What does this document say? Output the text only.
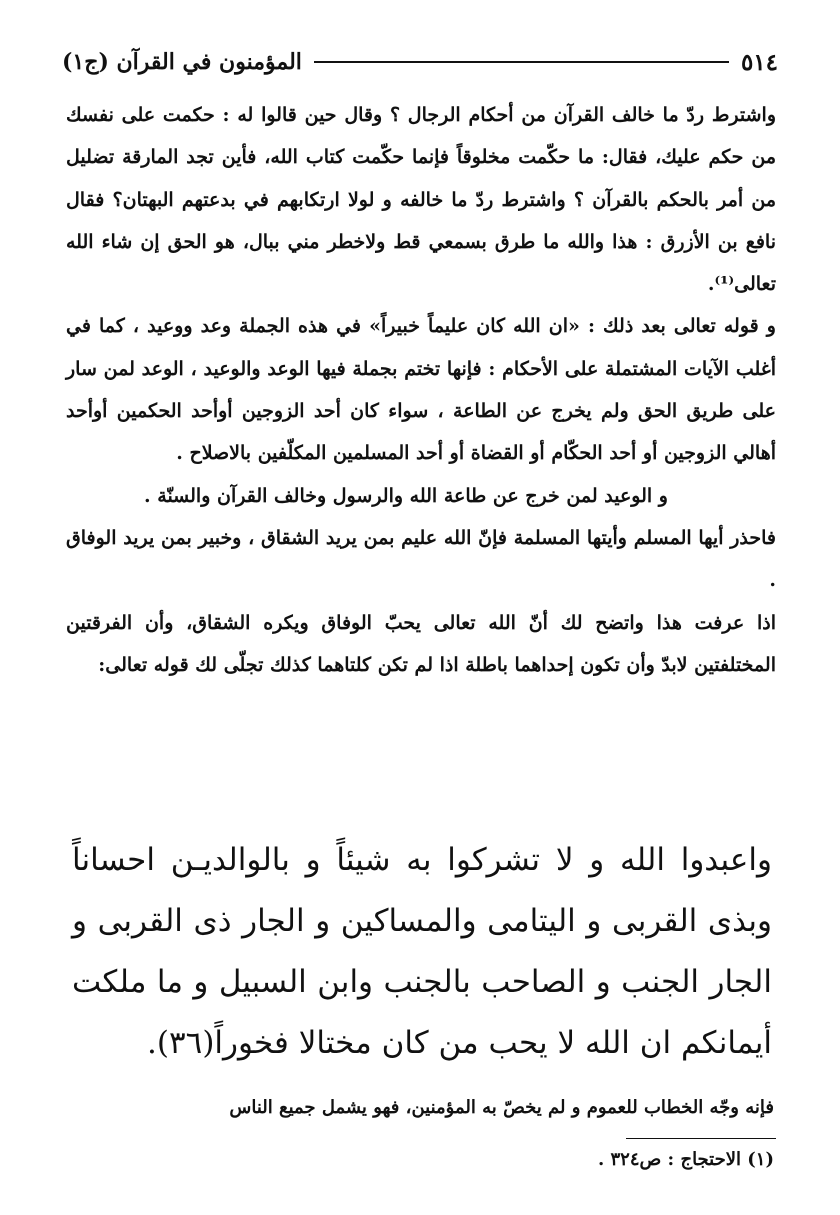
٥١٤
المؤمنون في القرآن (ج١)

واشترط ردّ ما خالف القرآن من أحكام الرجال ؟ وقال حين قالوا له : حكمت على نفسك من حكم عليك، فقال: ما حكّمت مخلوقاً فإنما حكّمت كتاب الله، فأين تجد المارقة تضليل من أمر بالحكم بالقرآن ؟ واشترط ردّ ما خالفه و لولا ارتكابهم في بدعتهم البهتان؟ فقال نافع بن الأزرق : هذا والله ما طرق بسمعي قط ولاخطر مني ببال، هو الحق إن شاء الله تعالى⁽¹⁾.

و قوله تعالى بعد ذلك : «ان الله كان عليماً خبيراً» في هذه الجملة وعد ووعيد ، كما في أغلب الآيات المشتملة على الأحكام : فإنها تختم بجملة فيها الوعد والوعيد ، الوعد لمن سار على طريق الحق ولم يخرج عن الطاعة ، سواء كان أحد الزوجين أوأحد الحكمين أوأحد أهالي الزوجين أو أحد الحكّام أو القضاة أو أحد المسلمين المكلّفين بالاصلاح .

و الوعيد لمن خرج عن طاعة الله والرسول وخالف القرآن والسنّة .

فاحذر أيها المسلم وأيتها المسلمة فإنّ الله عليم بمن يريد الشقاق ، وخبير بمن يريد الوفاق .

اذا عرفت هذا واتضح لك أنّ الله تعالى يحبّ الوفاق ويكره الشقاق، وأن الفرقتين المختلفتين لابدّ وأن تكون إحداهما باطلة اذا لم تكن كلتاهما كذلك تجلّى لك قوله تعالى:

واعبدوا الله و لا تشركوا به شيئاً و بالوالديـن احساناً وبذى القربى و اليتامى والمساكين و الجار ذى القربى و الجار الجنب و الصاحب بالجنب وابن السبيل و ما ملكت أيمانكم ان الله لا يحب من كان مختالا فخوراً(٣٦).
فإنه وجّه الخطاب للعموم و لم يخصّ به المؤمنين، فهو يشمل جميع الناس
(١) الاحتجاج : ص٣٢٤ .
